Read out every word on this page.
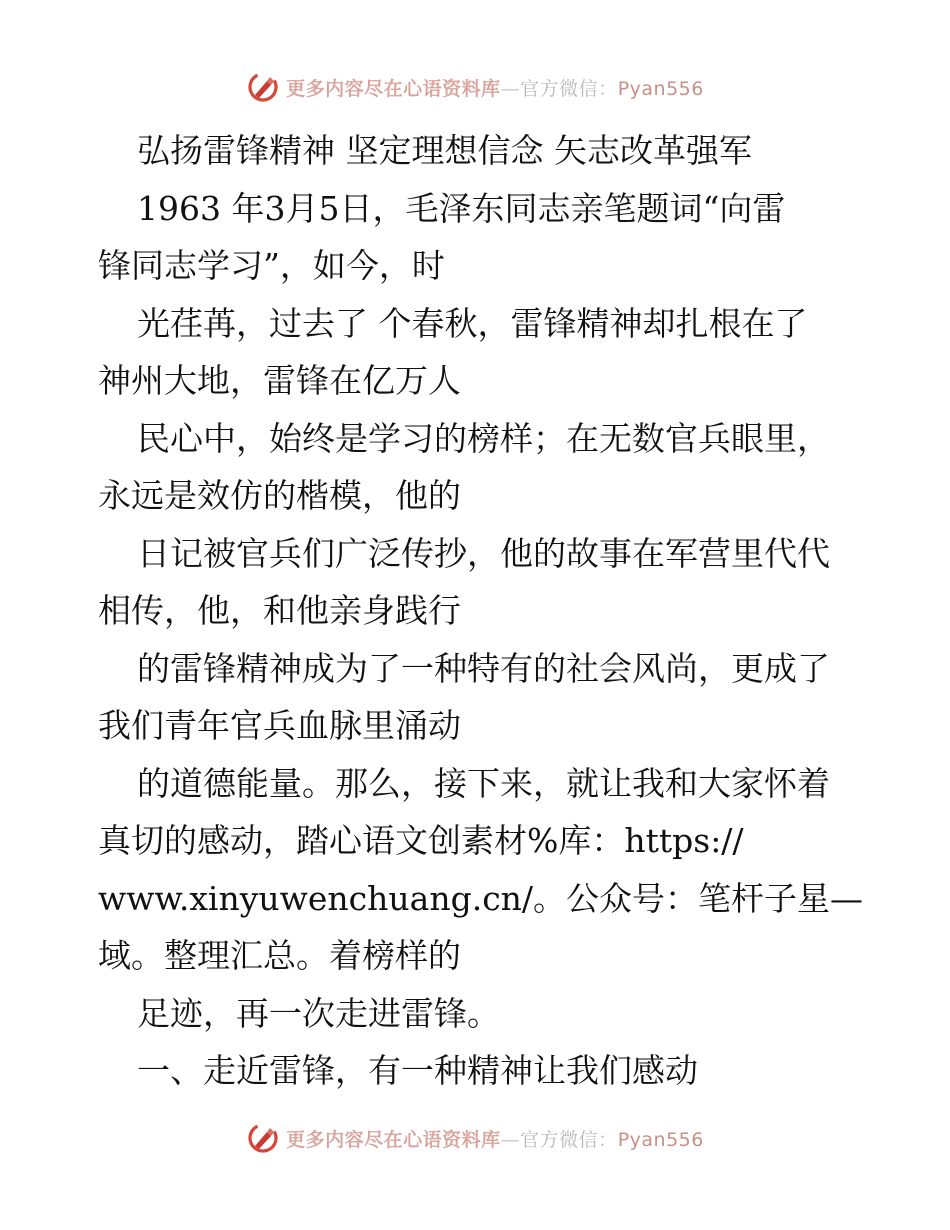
更多内容尽在心语资料库—官方微信：Pyan556
弘扬雷锋精神 坚定理想信念 矢志改革强军
1963 年3月5日，毛泽东同志亲笔题词“向雷
锋同志学习”，如今，时
光荏苒，过去了 个春秋，雷锋精神却扎根在了
神州大地，雷锋在亿万人
民心中，始终是学习的榜样；在无数官兵眼里，
永远是效仿的楷模，他的
日记被官兵们广泛传抄，他的故事在军营里代代
相传，他，和他亲身践行
的雷锋精神成为了一种特有的社会风尚，更成了
我们青年官兵血脉里涌动
的道德能量。那么，接下来，就让我和大家怀着
真切的感动，踏心语文创素材%库：https://
www.xinyuwenchuang.cn/。公众号：笔杆子星—
域。整理汇总。着榜样的
足迹，再一次走进雷锋。
一、走近雷锋，有一种精神让我们感动
更多内容尽在心语资料库—官方微信：Pyan556
